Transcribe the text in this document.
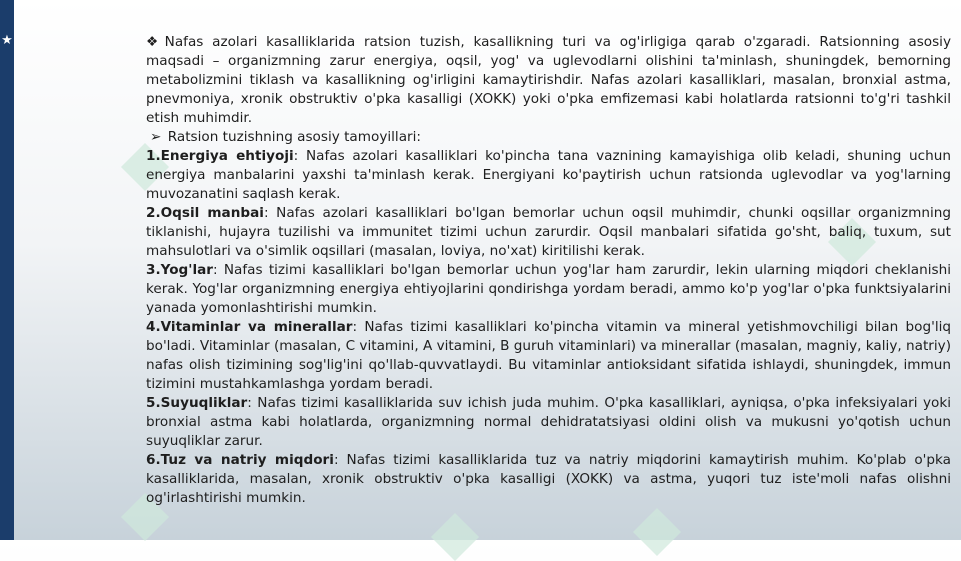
★	❖ Nafas azolari kasalliklarida ratsion tuzish, kasallikning turi va og'irligiga qarab o'zgaradi. Ratsionning asosiy maqsadi – organizmning zarur energiya, oqsil, yog' va uglevodlarni olishini ta'minlash, shuningdek, bemorning metabolizmini tiklash va kasallikning og'irligini kamaytirishdir. Nafas azolari kasalliklari, masalan, bronxial astma, pnevmoniya, xronik obstruktiv o'pka kasalligi (XOKK) yoki o'pka emfizemasi kabi holatlarda ratsionni to'g'ri tashkil etish muhimdir.

➢ Ratsion tuzishning asosiy tamoyillari:

1.Energiya ehtiyoji: Nafas azolari kasalliklari ko'pincha tana vaznining kamayishiga olib keladi, shuning uchun energiya manbalarini yaxshi ta'minlash kerak. Energiyani ko'paytirish uchun ratsionda uglevodlar va yog'larning muvozanatini saqlash kerak.

2.Oqsil manbai: Nafas azolari kasalliklari bo'lgan bemorlar uchun oqsil muhimdir, chunki oqsillar organizmning tiklanishi, hujayra tuzilishi va immunitet tizimi uchun zarurdir. Oqsil manbalari sifatida go'sht, baliq, tuxum, sut mahsulotlari va o'simlik oqsillari (masalan, loviya, no'xat) kiritilishi kerak.

3.Yog'lar: Nafas tizimi kasalliklari bo'lgan bemorlar uchun yog'lar ham zarurdir, lekin ularning miqdori cheklanishi kerak. Yog'lar organizmning energiya ehtiyojlarini qondirishga yordam beradi, ammo ko'p yog'lar o'pka funktsiyalarini yanada yomonlashtirishi mumkin.

4.Vitaminlar va minerallar: Nafas tizimi kasalliklari ko'pincha vitamin va mineral yetishmovchiligi bilan bog'liq bo'ladi. Vitaminlar (masalan, C vitamini, A vitamini, B guruh vitaminlari) va minerallar (masalan, magniy, kaliy, natriy) nafas olish tizimining sog'lig'ini qo'llab-quvvatlaydi. Bu vitaminlar antioksidant sifatida ishlaydi, shuningdek, immun tizimini mustahkamlashga yordam beradi.

5.Suyuqliklar: Nafas tizimi kasalliklarida suv ichish juda muhim. O'pka kasalliklari, ayniqsa, o'pka infeksiyalari yoki bronxial astma kabi holatlarda, organizmning normal dehidratatsiyasi oldini olish va mukusni yo'qotish uchun suyuqliklar zarur.

6.Tuz va natriy miqdori: Nafas tizimi kasalliklarida tuz va natriy miqdorini kamaytirish muhim. Ko'plab o'pka kasalliklarida, masalan, xronik obstruktiv o'pka kasalligi (XOKK) va astma, yuqori tuz iste'moli nafas olishni og'irlashtirishi mumkin.
